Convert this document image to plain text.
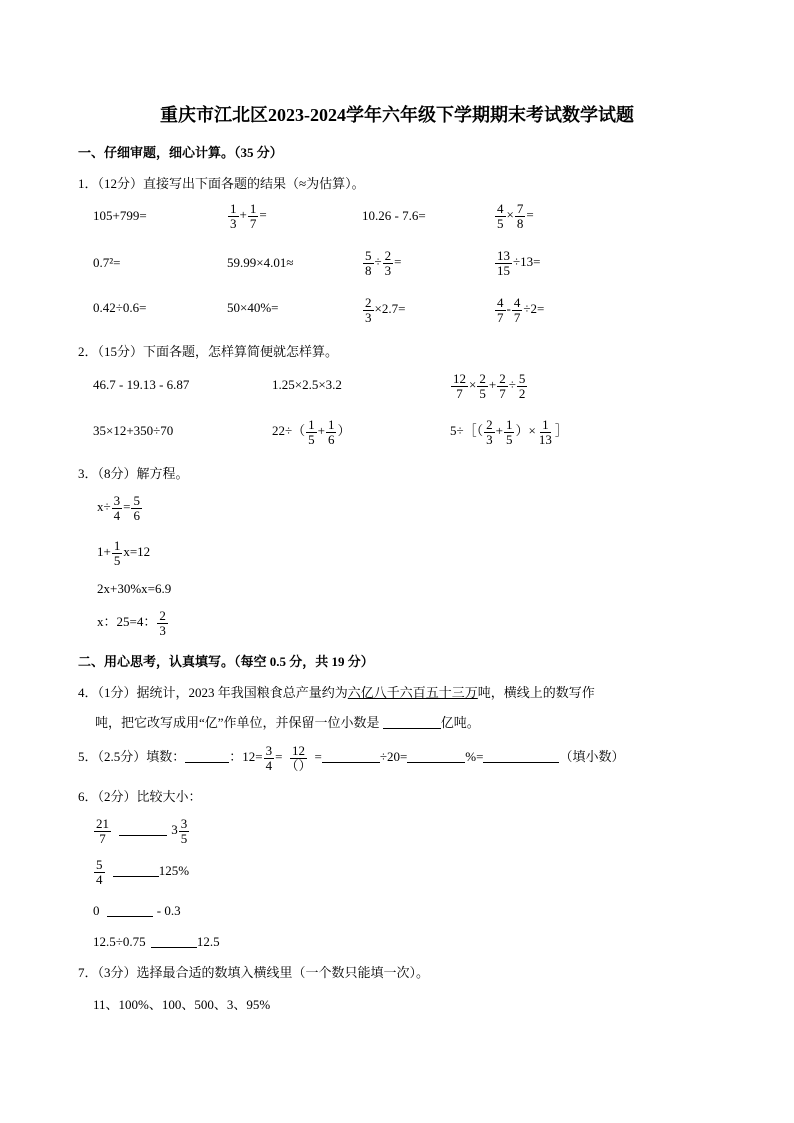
重庆市江北区2023-2024学年六年级下学期期末考试数学试题
一、仔细审题，细心计算。（35 分）
1．（12分）直接写出下面各题的结果（≈为估算）。
105+799=	$\frac{1}{3} + \frac{1}{7}$ =	10.26 - 7.6=	$\frac{4}{5} \times \frac{7}{8}$ =
0.7²=	59.99×4.01≈	$\frac{5}{8} \div \frac{2}{3}$ =	$\frac{13}{15} \div 13=$
0.42÷0.6=	50×40%=	$\frac{2}{3} \times 2.7=$	$\frac{4}{7} - \frac{4}{7} \div 2=$
2．（15分）下面各题，怎样算简便就怎样算。
46.7 - 19.13 - 6.87	1.25×2.5×3.2	$\frac{12}{7} \times \frac{2}{5} + \frac{2}{7} \div \frac{5}{2}$
35×12+350÷70	$22\div( \frac{1}{5} + \frac{1}{6}$ ）	5÷［（ $\frac{2}{3} + \frac{1}{5}$ ）× $\frac{1}{13}$ ］
3．（8分）解方程。
$x\div \frac{3}{4} = \frac{5}{6}$
$1+ \frac{1}{5} x=12$
2x+30%x=6.9
x：25=4： $\frac{2}{3}$
二、用心思考，认真填写。（每空 0.5 分，共 19 分）
4．（1分）据统计，2023 年我国粮食总产量约为六亿八千六百五十三万吨，横线上的数写作
吨，把它改写成用“亿”作单位，并保留一位小数是	亿吨。
5．（2.5分）填数：	：$12= \frac{3}{4} = \frac{12}{()}$ =	÷20=	%=	（填小数）
6．（2分）比较大小：
$\frac{21}{7}$	$3 \frac{3}{5}$
$\frac{5}{4}$	125%
0	- 0.3
12.5÷0.75	12.5
7．（3分）选择最合适的数填入横线里（一个数只能填一次）。
11、100%、100、500、3、95%
